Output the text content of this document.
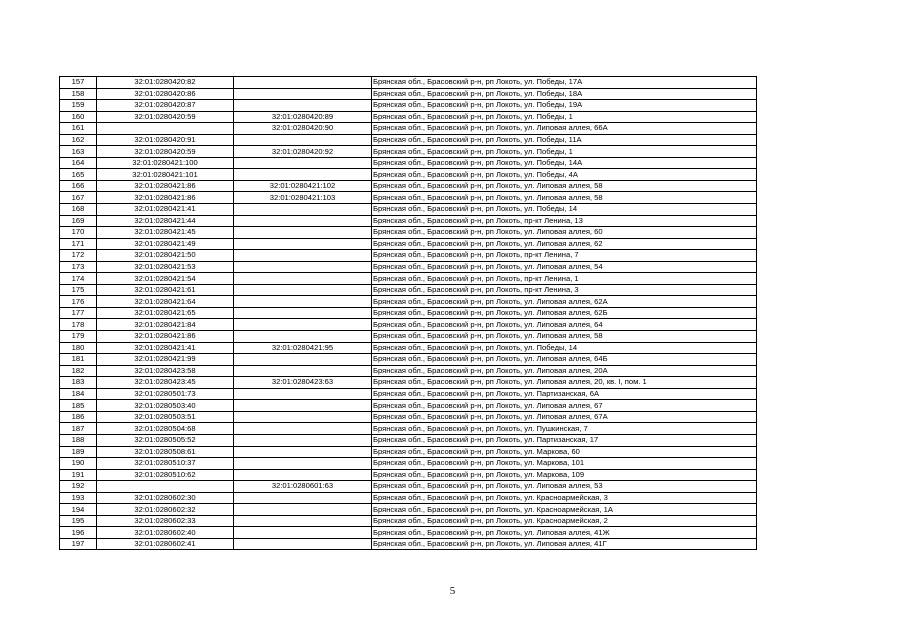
157	32:01:0280420:82		Брянская обл., Брасовский р-н, рп Локоть, ул. Победы, 17А
158	32:01:0280420:86		Брянская обл., Брасовский р-н, рп Локоть, ул. Победы, 18А
159	32:01:0280420:87		Брянская обл., Брасовский р-н, рп Локоть, ул. Победы, 19А
160	32:01:0280420:59	32:01:0280420:89	Брянская обл., Брасовский р-н, рп Локоть, ул. Победы, 1
161		32:01:0280420:90	Брянская обл., Брасовский р-н, рп Локоть, ул. Липовая аллея, 66А
162	32:01:0280420:91		Брянская обл., Брасовский р-н, рп Локоть, ул. Победы, 11А
163	32:01:0280420:59	32:01:0280420:92	Брянская обл., Брасовский р-н, рп Локоть, ул. Победы, 1
164	32:01:0280421:100		Брянская обл., Брасовский р-н, рп Локоть, ул. Победы, 14А
165	32:01:0280421:101		Брянская обл., Брасовский р-н, рп Локоть, ул. Победы, 4А
166	32:01:0280421:86	32:01:0280421:102	Брянская обл., Брасовский р-н, рп Локоть, ул. Липовая аллея, 58
167	32:01:0280421:86	32:01:0280421:103	Брянская обл., Брасовский р-н, рп Локоть, ул. Липовая аллея, 58
168	32:01:0280421:41		Брянская обл., Брасовский р-н, рп Локоть, ул. Победы, 14
169	32:01:0280421:44		Брянская обл., Брасовский р-н, рп Локоть, пр-кт Ленина, 13
170	32:01:0280421:45		Брянская обл., Брасовский р-н, рп Локоть, ул. Липовая аллея, 60
171	32:01:0280421:49		Брянская обл., Брасовский р-н, рп Локоть, ул. Липовая аллея, 62
172	32:01:0280421:50		Брянская обл., Брасовский р-н, рп Локоть, пр-кт Ленина, 7
173	32:01:0280421:53		Брянская обл., Брасовский р-н, рп Локоть, ул. Липовая аллея, 54
174	32:01:0280421:54		Брянская обл., Брасовский р-н, рп Локоть, пр-кт Ленина, 1
175	32:01:0280421:61		Брянская обл., Брасовский р-н, рп Локоть, пр-кт Ленина, 3
176	32:01:0280421:64		Брянская обл., Брасовский р-н, рп Локоть, ул. Липовая аллея, 62А
177	32:01:0280421:65		Брянская обл., Брасовский р-н, рп Локоть, ул. Липовая аллея, 62Б
178	32:01:0280421:84		Брянская обл., Брасовский р-н, рп Локоть, ул. Липовая аллея, 64
179	32:01:0280421:86		Брянская обл., Брасовский р-н, рп Локоть, ул. Липовая аллея, 58
180	32:01:0280421:41	32:01:0280421:95	Брянская обл., Брасовский р-н, рп Локоть, ул. Победы, 14
181	32:01:0280421:99		Брянская обл., Брасовский р-н, рп Локоть, ул. Липовая аллея, 64Б
182	32:01:0280423:58		Брянская обл., Брасовский р-н, рп Локоть, ул. Липовая аллея, 20А
183	32:01:0280423:45	32:01:0280423:63	Брянская обл., Брасовский р-н, рп Локоть, ул. Липовая аллея, 20, кв. I, пом. 1
184	32:01:0280501:73		Брянская обл., Брасовский р-н, рп Локоть, ул. Партизанская, 6А
185	32:01:0280503:40		Брянская обл., Брасовский р-н, рп Локоть, ул. Липовая аллея, 67
186	32:01:0280503:51		Брянская обл., Брасовский р-н, рп Локоть, ул. Липовая аллея, 67А
187	32:01:0280504:68		Брянская обл., Брасовский р-н, рп Локоть, ул. Пушкинская, 7
188	32:01:0280505:52		Брянская обл., Брасовский р-н, рп Локоть, ул. Партизанская, 17
189	32:01:0280508:61		Брянская обл., Брасовский р-н, рп Локоть, ул. Маркова, 60
190	32:01:0280510:37		Брянская обл., Брасовский р-н, рп Локоть, ул. Маркова, 101
191	32:01:0280510:62		Брянская обл., Брасовский р-н, рп Локоть, ул. Маркова, 109
192		32:01:0280601:63	Брянская обл., Брасовский р-н, рп Локоть, ул. Липовая аллея, 53
193	32:01:0280602:30		Брянская обл., Брасовский р-н, рп Локоть, ул. Красноармейская, 3
194	32:01:0280602:32		Брянская обл., Брасовский р-н, рп Локоть, ул. Красноармейская, 1А
195	32:01:0280602:33		Брянская обл., Брасовский р-н, рп Локоть, ул. Красноармейская, 2
196	32:01:0280602:40		Брянская обл., Брасовский р-н, рп Локоть, ул. Липовая аллея, 41Ж
197	32:01:0280602:41		Брянская обл., Брасовский р-н, рп Локоть, ул. Липовая аллея, 41Г
5
